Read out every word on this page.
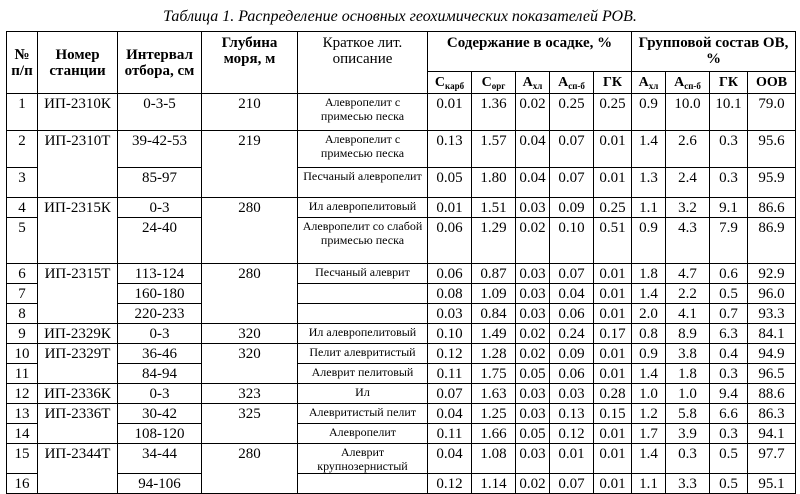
Таблица 1. Распределение основных геохимических показателей РОВ.
№ п/п	Номер станции	Интервал отбора, см	Глубина моря, м	Краткое лит. описание	Содержание в осадке, %					Групповой состав ОВ, %			
					$С_{карб}$	$С_{орг}$	$А_{хл}$	$А_{сп-б}$	ГК	$А_{хл}$	$А_{сп-б}$	ГК	ООВ
1	ИП-2310К	0-3-5	210	Алевропелит с примесью песка	0.01	1.36	0.02	0.25	0.25	0.9	10.0	10.1	79.0
2	ИП-2310Т	39-42-53	219	Алевропелит с примесью песка	0.13	1.57	0.04	0.07	0.01	1.4	2.6	0.3	95.6
3		85-97		Песчаный алевропелит	0.05	1.80	0.04	0.07	0.01	1.3	2.4	0.3	95.9
4	ИП-2315К	0-3	280	Ил алевропелитовый	0.01	1.51	0.03	0.09	0.25	1.1	3.2	9.1	86.6
5		24-40		Алевропелит со слабой примесью песка	0.06	1.29	0.02	0.10	0.51	0.9	4.3	7.9	86.9
6	ИП-2315Т	113-124	280	Песчаный алеврит	0.06	0.87	0.03	0.07	0.01	1.8	4.7	0.6	92.9
7		160-180			0.08	1.09	0.03	0.04	0.01	1.4	2.2	0.5	96.0
8		220-233			0.03	0.84	0.03	0.06	0.01	2.0	4.1	0.7	93.3
9	ИП-2329К	0-3	320	Ил алевропелитовый	0.10	1.49	0.02	0.24	0.17	0.8	8.9	6.3	84.1
10	ИП-2329Т	36-46	320	Пелит алевритистый	0.12	1.28	0.02	0.09	0.01	0.9	3.8	0.4	94.9
11		84-94		Алеврит пелитовый	0.11	1.75	0.05	0.06	0.01	1.4	1.8	0.3	96.5
12	ИП-2336К	0-3	323	Ил	0.07	1.63	0.03	0.03	0.28	1.0	1.0	9.4	88.6
13	ИП-2336Т	30-42	325	Алевритистый пелит	0.04	1.25	0.03	0.13	0.15	1.2	5.8	6.6	86.3
14		108-120		Алевропелит	0.11	1.66	0.05	0.12	0.01	1.7	3.9	0.3	94.1
15	ИП-2344Т	34-44	280	Алеврит крупнозернистый	0.04	1.08	0.03	0.01	0.01	1.4	0.3	0.5	97.7
16		94-106			0.12	1.14	0.02	0.07	0.01	1.1	3.3	0.5	95.1
